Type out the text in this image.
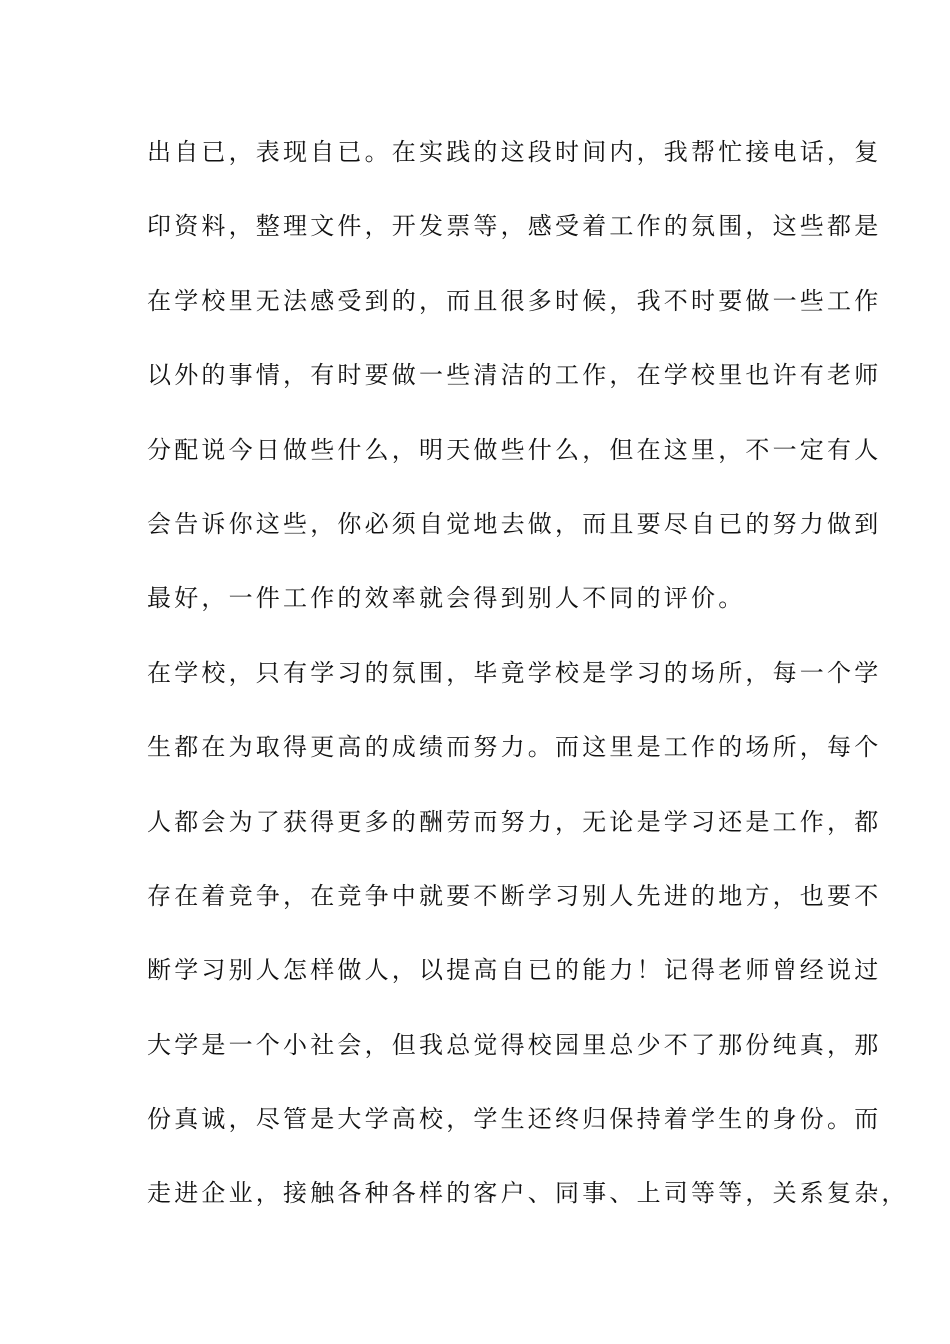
出自已，表现自已。在实践的这段时间内，我帮忙接电话，复
印资料，整理文件，开发票等，感受着工作的氛围，这些都是
在学校里无法感受到的，而且很多时候，我不时要做一些工作
以外的事情，有时要做一些清洁的工作，在学校里也许有老师
分配说今日做些什么，明天做些什么，但在这里，不一定有人
会告诉你这些，你必须自觉地去做，而且要尽自已的努力做到
最好，一件工作的效率就会得到别人不同的评价。
在学校，只有学习的氛围，毕竟学校是学习的场所，每一个学
生都在为取得更高的成绩而努力。而这里是工作的场所，每个
人都会为了获得更多的酬劳而努力，无论是学习还是工作，都
存在着竞争，在竞争中就要不断学习别人先进的地方，也要不
断学习别人怎样做人，以提高自已的能力！记得老师曾经说过
大学是一个小社会，但我总觉得校园里总少不了那份纯真，那
份真诚，尽管是大学高校，学生还终归保持着学生的身份。而
走进企业，接触各种各样的客户、同事、上司等等，关系复杂，
